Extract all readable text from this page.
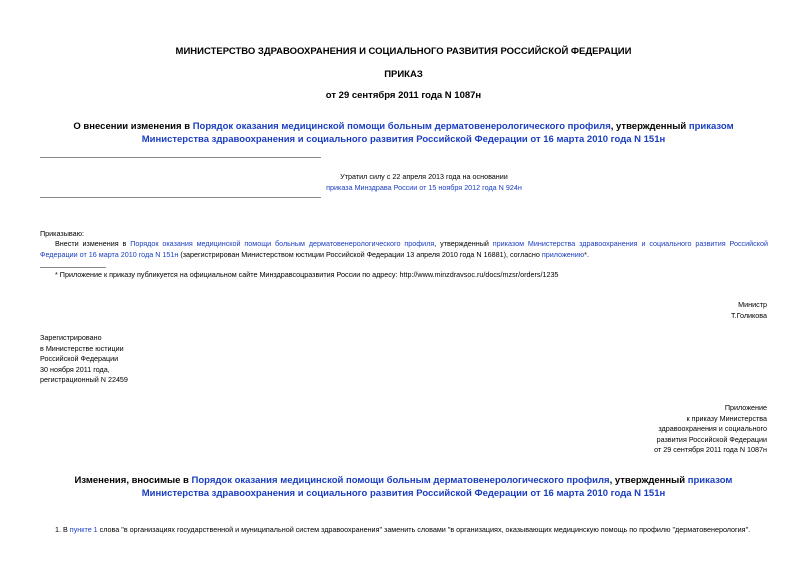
МИНИСТЕРСТВО ЗДРАВООХРАНЕНИЯ И СОЦИАЛЬНОГО РАЗВИТИЯ РОССИЙСКОЙ ФЕДЕРАЦИИ
ПРИКАЗ
от 29 сентября 2011 года N 1087н
О внесении изменения в Порядок оказания медицинской помощи больным дерматовенерологического профиля, утвержденный приказом Министерства здравоохранения и социального развития Российской Федерации от 16 марта 2010 года N 151н
Утратил силу с 22 апреля 2013 года на основании
приказа Минздрава России от 15 ноября 2012 года N 924н
Приказываю:
Внести изменения в Порядок оказания медицинской помощи больным дерматовенерологического профиля, утвержденный приказом Министерства здравоохранения и социального развития Российской Федерации от 16 марта 2010 года N 151н (зарегистрирован Министерством юстиции Российской Федерации 13 апреля 2010 года N 16881), согласно приложению*.
* Приложение к приказу публикуется на официальном сайте Минздравсоцразвития России по адресу: http://www.minzdravsoc.ru/docs/mzsr/orders/1235
Министр
Т.Голикова
Зарегистрировано
в Министерстве юстиции
Российской Федерации
30 ноября 2011 года,
регистрационный N 22459
Приложение
к приказу Министерства
здравоохранения и социального
развития Российской Федерации
от 29 сентября 2011 года N 1087н
Изменения, вносимые в Порядок оказания медицинской помощи больным дерматовенерологического профиля, утвержденный приказом Министерства здравоохранения и социального развития Российской Федерации от 16 марта 2010 года N 151н
1. В пункте 1 слова "в организациях государственной и муниципальной систем здравоохранения" заменить словами "в организациях, оказывающих медицинскую помощь по профилю "дерматовенерология".
